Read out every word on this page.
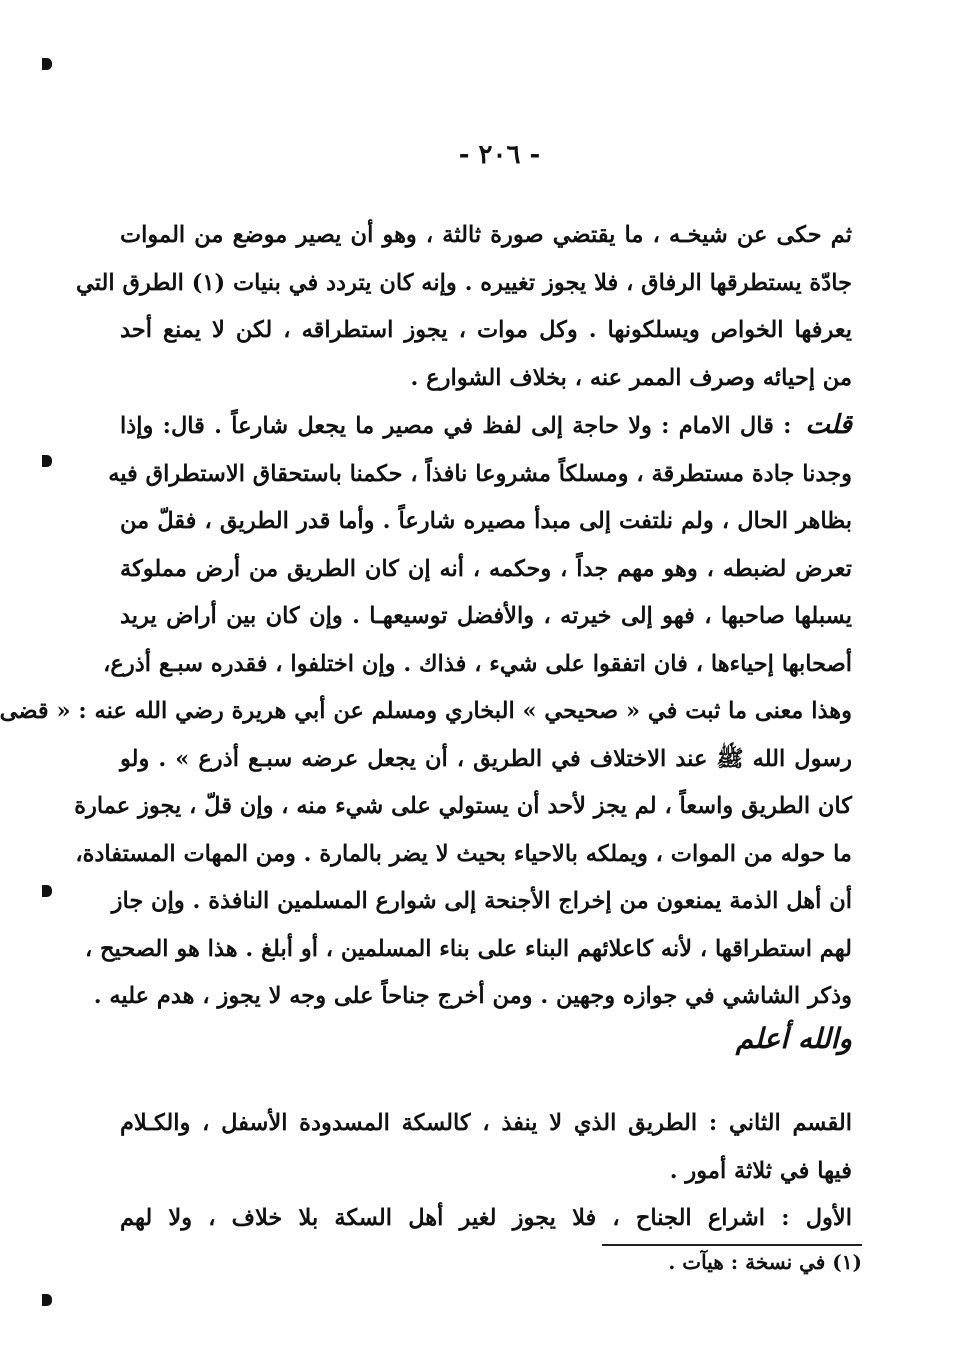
- ٢٠٦ -
ثم حكى عن شيخـه ، ما يقتضي صورة ثالثة ، وهو أن يصير موضع من الموات
جادّة يستطرقها الرفاق ، فلا يجوز تغييره . وإنه كان يتردد في بنيات (١) الطرق التي
يعرفها الخواص ويسلكونها . وكل موات ، يجوز استطراقه ، لكن لا يمنع أحد
من إحيائه وصرف الممر عنه ، بخلاف الشوارع .
قلت: قال الامام : ولا حاجة إلى لفظ في مصير ما يجعل شارعاً . قال: وإذا
وجدنا جادة مستطرقة ، ومسلكاً مشروعا نافذاً ، حكمنا باستحقاق الاستطراق فيه
بظاهر الحال ، ولم نلتفت إلى مبدأ مصيره شارعاً . وأما قدر الطريق ، فقلّ من
تعرض لضبطه ، وهو مهم جداً ، وحكمه ، أنه إن كان الطريق من أرض مملوكة
يسبلها صاحبها ، فهو إلى خيرته ، والأفضل توسيعهـا . وإن كان بين أراض يريد
أصحابها إحياءها ، فان اتفقوا على شيء ، فذاك . وإن اختلفوا ، فقدره سبـع أذرع،
وهذا معنى ما ثبت في « صحيحي » البخاري ومسلم عن أبي هريرة رضي الله عنه : « قضى
رسول الله ﷺ عند الاختلاف في الطريق ، أن يجعل عرضه سبـع أذرع » . ولو
كان الطريق واسعاً ، لم يجز لأحد أن يستولي على شيء منه ، وإن قلّ ، يجوز عمارة
ما حوله من الموات ، ويملكه بالاحياء بحيث لا يضر بالمارة . ومن المهات المستفادة،
أن أهل الذمة يمنعون من إخراج الأجنحة إلى شوارع المسلمين النافذة . وإن جاز
لهم استطراقها ، لأنه كاعلائهم البناء على بناء المسلمين ، أو أبلغ . هذا هو الصحيح ،
وذكر الشاشي في جوازه وجهين . ومن أخرج جناحاً على وجه لا يجوز ، هدم عليه .
والله أعلم
القسم الثاني : الطريق الذي لا ينفذ ، كالسكة المسدودة الأسفل ، والكـلام
فيها في ثلاثة أمور .
الأول : اشراع الجناح ، فلا يجوز لغير أهل السكة بلا خلاف ، ولا لهم
(١) في نسخة : هيآت .
